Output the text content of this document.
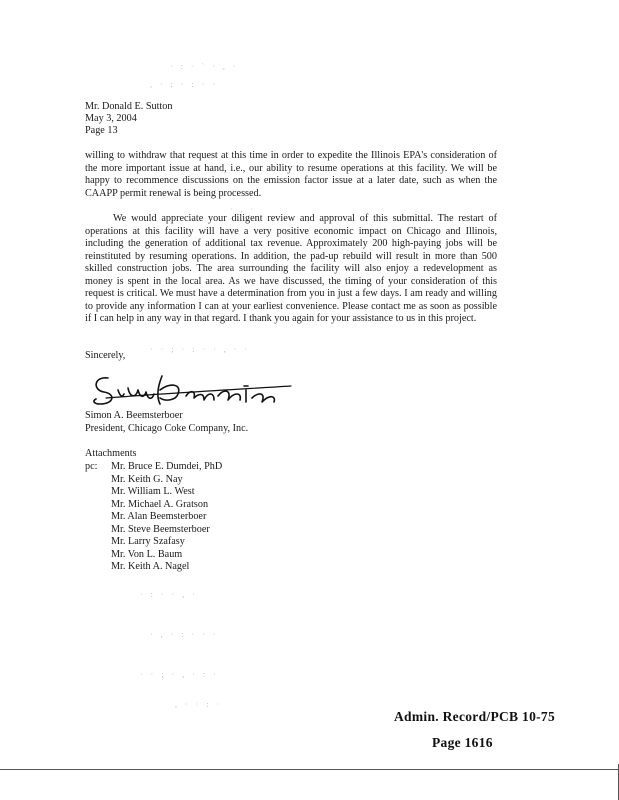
· : · ` · , ·
, · ; · : · ·
· , ·
· · ; · : · · , · ·
· : · · , ·
· , · : · · ·
· · ; · , · : ·
, · · : ·
Mr. Donald E. Sutton
May 3, 2004
Page 13

willing to withdraw that request at this time in order to expedite the Illinois EPA's consideration of the more important issue at hand, i.e., our ability to resume operations at this facility. We will be happy to recommence discussions on the emission factor issue at a later date, such as when the CAAPP permit renewal is being processed.

We would appreciate your diligent review and approval of this submittal. The restart of operations at this facility will have a very positive economic impact on Chicago and Illinois, including the generation of additional tax revenue. Approximately 200 high-paying jobs will be reinstituted by resuming operations. In addition, the pad-up rebuild will result in more than 500 skilled construction jobs. The area surrounding the facility will also enjoy a redevelopment as money is spent in the local area. As we have discussed, the timing of your consideration of this request is critical. We must have a determination from you in just a few days. I am ready and willing to provide any information I can at your earliest convenience. Please contact me as soon as possible if I can help in any way in that regard. I thank you again for your assistance to us in this project.

Sincerely,
Simon A. Beemsterboer
President, Chicago Coke Company, Inc.
Attachments
pc: Mr. Bruce E. Dumdei, PhD
Mr. Keith G. Nay
Mr. William L. West
Mr. Michael A. Gratson
Mr. Alan Beemsterboer
Mr. Steve Beemsterboer
Mr. Larry Szafasy
Mr. Von L. Baum
Mr. Keith A. Nagel
Admin. Record/PCB 10-75
Page 1616
